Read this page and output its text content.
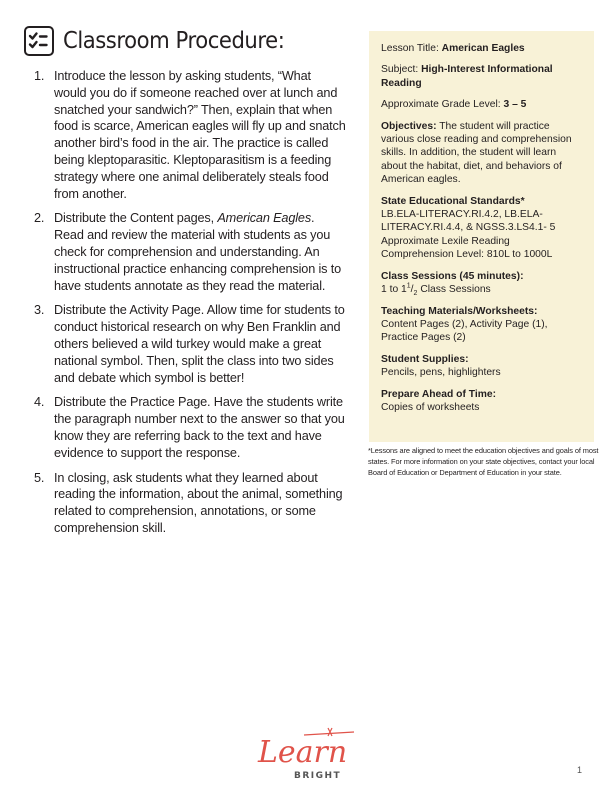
Classroom Procedure:
1. Introduce the lesson by asking students, “What would you do if someone reached over at lunch and snatched your sandwich?” Then, explain that when food is scarce, American eagles will fly up and snatch another bird’s food in the air. The practice is called being kleptoparasitic. Kleptoparasitism is a feeding strategy where one animal deliberately steals food from another.
2. Distribute the Content pages, American Eagles. Read and review the material with students as you check for comprehension and understanding. An instructional practice enhancing comprehension is to have students annotate as they read the material.
3. Distribute the Activity Page. Allow time for students to conduct historical research on why Ben Franklin and others believed a wild turkey would make a great national symbol. Then, split the class into two sides and debate which symbol is better!
4. Distribute the Practice Page. Have the students write the paragraph number next to the answer so that you know they are referring back to the text and have evidence to support the response.
5. In closing, ask students what they learned about reading the information, about the animal, something related to comprehension, annotations, or some comprehension skill.

Lesson Title: American Eagles

Subject: High-Interest Informational Reading

Approximate Grade Level: 3 – 5

Objectives: The student will practice various close reading and comprehension skills. In addition, the student will learn about the habitat, diet, and behaviors of American eagles.

State Educational Standards*
LB.ELA-LITERACY.RI.4.2, LB.ELA-LITERACY.RI.4.4, & NGSS.3.LS4.1- 5
Approximate Lexile Reading Comprehension Level: 810L to 1000L

Class Sessions (45 minutes):
1 to $1^1/_2$ Class Sessions

Teaching Materials/Worksheets:
Content Pages (2), Activity Page (1), Practice Pages (2)

Student Supplies:
Pencils, pens, highlighters

Prepare Ahead of Time:
Copies of worksheets

*Lessons are aligned to meet the education objectives and goals of most states. For more information on your state objectives, contact your local Board of Education or Department of Education in your state.
Learn
BRIGHT
1
